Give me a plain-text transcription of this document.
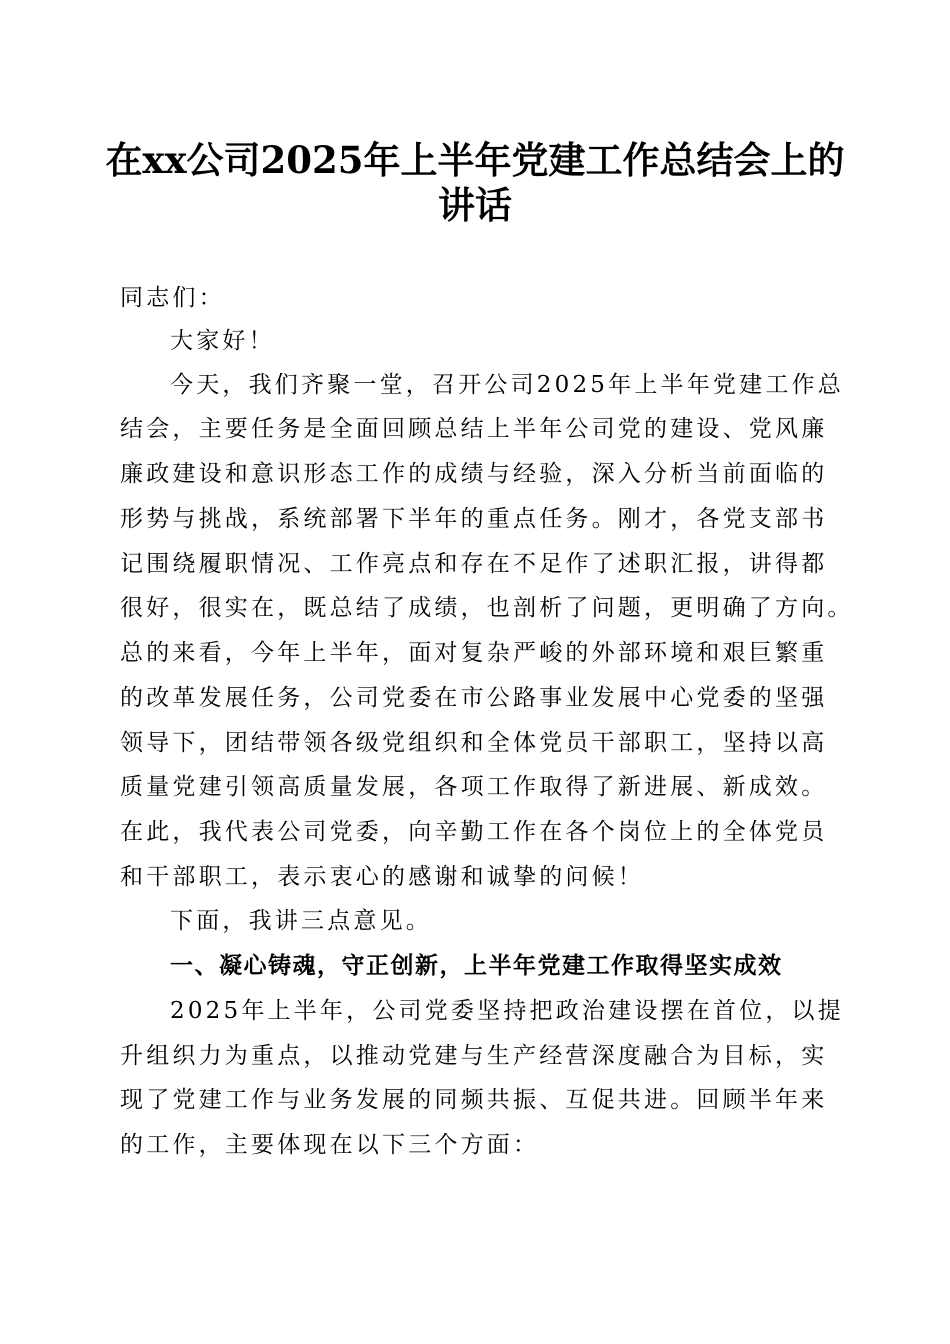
在xx公司2025年上半年党建工作总结会上的
讲话
同志们：
大家好！
今天，我们齐聚一堂，召开公司2025年上半年党建工作总
结会，主要任务是全面回顾总结上半年公司党的建设、党风廉
廉政建设和意识形态工作的成绩与经验，深入分析当前面临的
形势与挑战，系统部署下半年的重点任务。刚才，各党支部书
记围绕履职情况、工作亮点和存在不足作了述职汇报，讲得都
很好，很实在，既总结了成绩，也剖析了问题，更明确了方向。
总的来看，今年上半年，面对复杂严峻的外部环境和艰巨繁重
的改革发展任务，公司党委在市公路事业发展中心党委的坚强
领导下，团结带领各级党组织和全体党员干部职工，坚持以高
质量党建引领高质量发展，各项工作取得了新进展、新成效。
在此，我代表公司党委，向辛勤工作在各个岗位上的全体党员
和干部职工，表示衷心的感谢和诚挚的问候！
下面，我讲三点意见。
一、凝心铸魂，守正创新，上半年党建工作取得坚实成效
2025年上半年，公司党委坚持把政治建设摆在首位，以提
升组织力为重点，以推动党建与生产经营深度融合为目标，实
现了党建工作与业务发展的同频共振、互促共进。回顾半年来
的工作，主要体现在以下三个方面：
